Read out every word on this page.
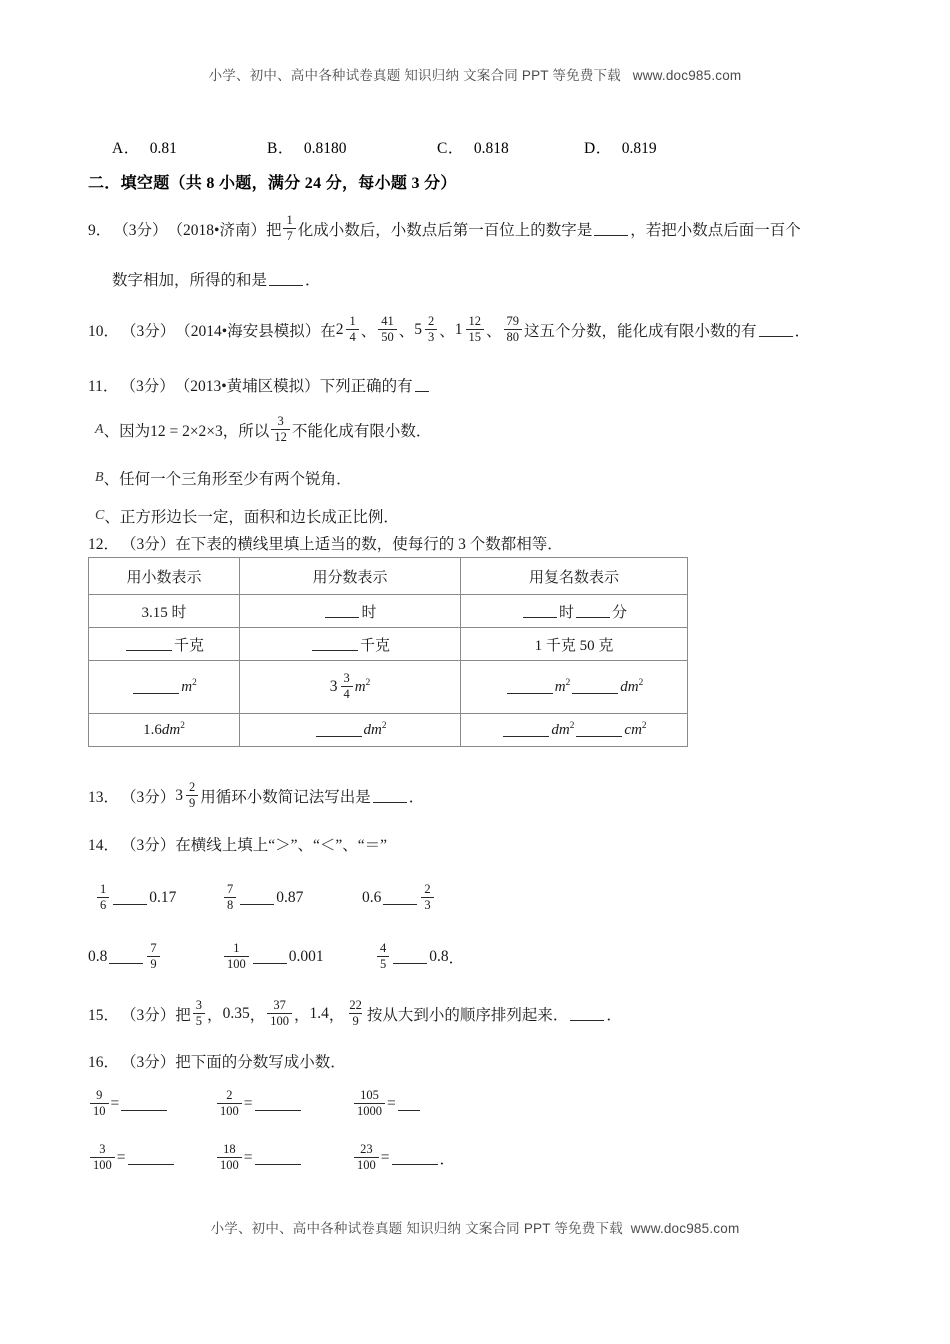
小学、初中、高中各种试卷真题 知识归纳 文案合同 PPT 等免费下载   www.doc985.com
A． 0.81	B． 0.8180	C． 0.818	D． 0.819
二．填空题（共 8 小题，满分 24 分，每小题 3 分）
9． （3分） （2018•济南） 把 $\frac{1}{7}$ 化成小数后，小数点后第一百位上的数字是 ，若把小数点后面一百个
数字相加，所得的和是 ．
10． （3分） （2014•海安县模拟） 在 $2 \frac{1}{4}$ 、 $\frac{41}{50}$ 、 $5 \frac{2}{3}$ 、 $1 \frac{12}{15}$ 、 $\frac{79}{80}$ 这五个分数，能化成有限小数的有 ．
11． （3分） （2013•黄埔区模拟） 下列正确的有
A 、 因为12 = 2×2×3，所以 $\frac{3}{12}$ 不能化成有限小数．
B 、 任何一个三角形至少有两个锐角．
C 、 正方形边长一定，面积和边长成正比例．
12． （3分） 在下表的横线里填上适当的数，使每行的 3 个数都相等．
用小数表示	用分数表示	用复名数表示

3.15 时	时	时 分

千克	千克	1 千克 50 克

$m^2$	$3 \frac{3}{4} m^2$	$m^2$ $dm^2$

1.6 $dm^2$	$dm^2$	$dm^2$ $cm^2$
13． （3分） $3 \frac{2}{9}$ 用循环小数简记法写出是 ．
14． （3分） 在横线上填上“＞”、“＜”、“＝”
$\frac{1}{6}$	0.17	$\frac{7}{8}$	0.87	0.6	$\frac{2}{3}$
0.8	$\frac{7}{9}$	$\frac{1}{100}$	0.001	$\frac{4}{5}$	0.8 ．
15． （3分） 把 $\frac{3}{5}$ ， 0.35 ， $\frac{37}{100}$ ， 1.4 ， $\frac{22}{9}$ 按从大到小的顺序排列起来． ．
16． （3分） 把下面的分数写成小数．
$\frac{9}{10}$ =	$\frac{2}{100}$ =	$\frac{105}{1000}$ =
$\frac{3}{100}$ =	$\frac{18}{100}$ =	$\frac{23}{100}$ =	．
小学、初中、高中各种试卷真题 知识归纳 文案合同 PPT 等免费下载  www.doc985.com
